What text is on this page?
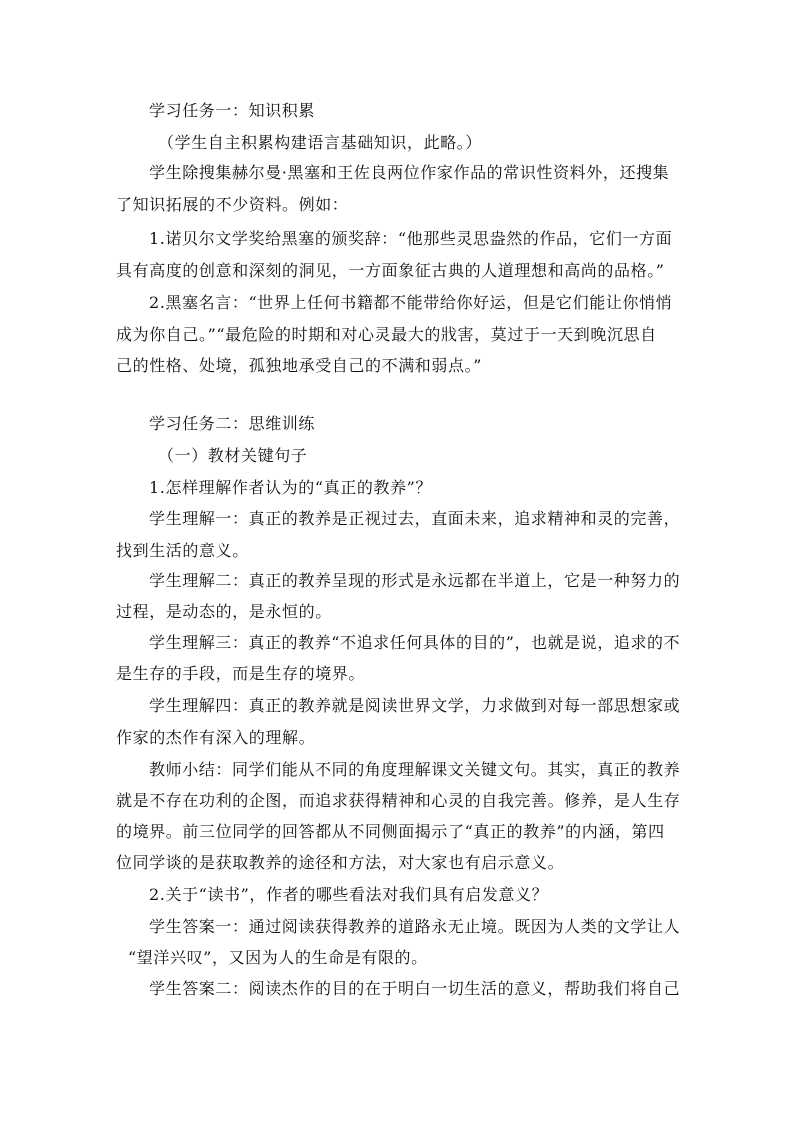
学习任务一：知识积累
（学生自主积累构建语言基础知识，此略。）
学生除搜集赫尔曼·黑塞和王佐良两位作家作品的常识性资料外，还搜集
了知识拓展的不少资料。例如：
1.诺贝尔文学奖给黑塞的颁奖辞：“他那些灵思盎然的作品，它们一方面
具有高度的创意和深刻的洞见，一方面象征古典的人道理想和高尚的品格。”
2.黑塞名言：“世界上任何书籍都不能带给你好运，但是它们能让你悄悄
成为你自己。”“最危险的时期和对心灵最大的戕害，莫过于一天到晚沉思自
己的性格、处境，孤独地承受自己的不满和弱点。”
学习任务二：思维训练
（一）教材关键句子
1.怎样理解作者认为的“真正的教养”？
学生理解一：真正的教养是正视过去，直面未来，追求精神和灵的完善，
找到生活的意义。
学生理解二：真正的教养呈现的形式是永远都在半道上，它是一种努力的
过程，是动态的，是永恒的。
学生理解三：真正的教养“不追求任何具体的目的”，也就是说，追求的不
是生存的手段，而是生存的境界。
学生理解四：真正的教养就是阅读世界文学，力求做到对每一部思想家或
作家的杰作有深入的理解。
教师小结：同学们能从不同的角度理解课文关键文句。其实，真正的教养
就是不存在功利的企图，而追求获得精神和心灵的自我完善。修养，是人生存
的境界。前三位同学的回答都从不同侧面揭示了“真正的教养”的内涵，第四
位同学谈的是获取教养的途径和方法，对大家也有启示意义。
2.关于“读书”，作者的哪些看法对我们具有启发意义？
学生答案一：通过阅读获得教养的道路永无止境。既因为人类的文学让人
“望洋兴叹”，又因为人的生命是有限的。
学生答案二：阅读杰作的目的在于明白一切生活的意义，帮助我们将自己
